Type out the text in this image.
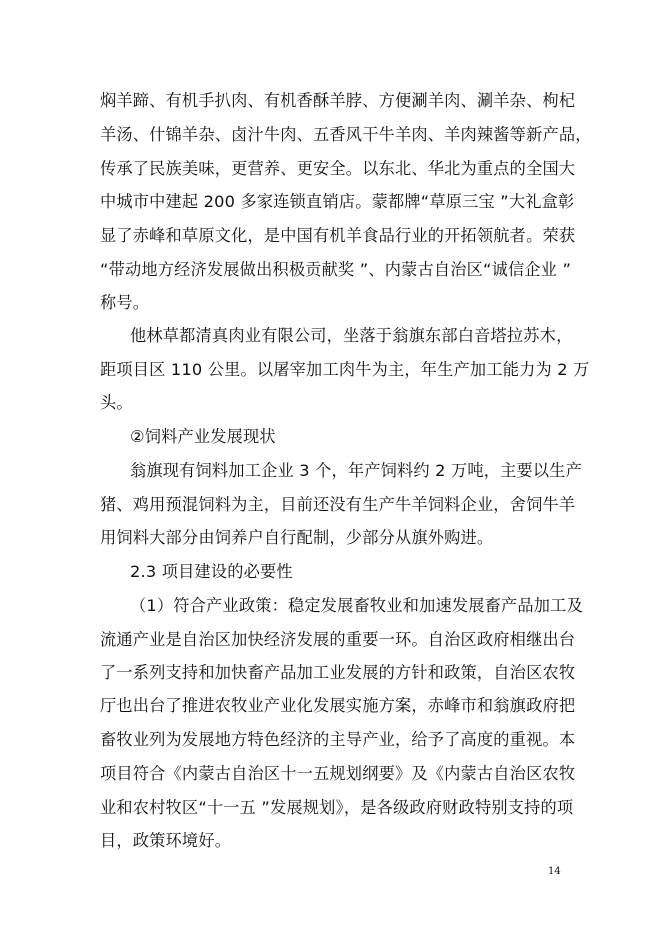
焖羊蹄、有机手扒肉、有机香酥羊脖、方便涮羊肉、涮羊杂、枸杞
羊汤、什锦羊杂、卤汁牛肉、五香风干牛羊肉、羊肉辣酱等新产品，
传承了民族美味，更营养、更安全。以东北、华北为重点的全国大
中城市中建起 200 多家连锁直销店。蒙都牌“草原三宝 ”大礼盒彰
显了赤峰和草原文化，是中国有机羊食品行业的开拓领航者。荣获
“带动地方经济发展做出积极贡献奖 ”、内蒙古自治区“诚信企业 ”
称号。
他林草都清真肉业有限公司，坐落于翁旗东部白音塔拉苏木，
距项目区 110 公里。以屠宰加工肉牛为主，年生产加工能力为 2 万
头。
②饲料产业发展现状
翁旗现有饲料加工企业 3 个，年产饲料约 2 万吨，主要以生产
猪、鸡用预混饲料为主，目前还没有生产牛羊饲料企业，舍饲牛羊
用饲料大部分由饲养户自行配制，少部分从旗外购进。
2.3 项目建设的必要性
（1）符合产业政策：稳定发展畜牧业和加速发展畜产品加工及
流通产业是自治区加快经济发展的重要一环。自治区政府相继出台
了一系列支持和加快畜产品加工业发展的方针和政策，自治区农牧
厅也出台了推进农牧业产业化发展实施方案，赤峰市和翁旗政府把
畜牧业列为发展地方特色经济的主导产业，给予了高度的重视。本
项目符合《内蒙古自治区十一五规划纲要》及《内蒙古自治区农牧
业和农村牧区“十一五 ”发展规划》，是各级政府财政特别支持的项
目，政策环境好。
14
